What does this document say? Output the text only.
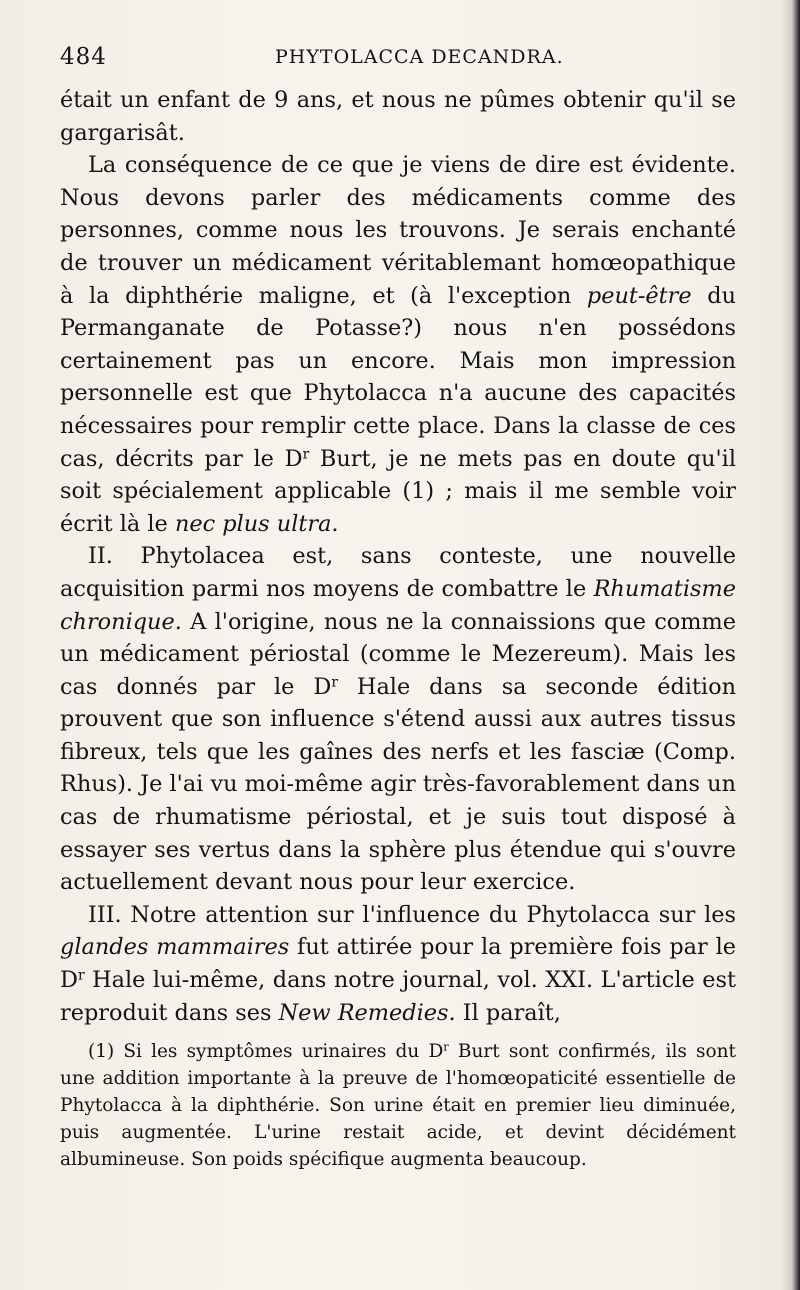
484	PHYTOLACCA DECANDRA.

était un enfant de 9 ans, et nous ne pûmes obtenir qu'il se gargarisât.

La conséquence de ce que je viens de dire est évidente. Nous devons parler des médicaments comme des personnes, comme nous les trouvons. Je serais enchanté de trouver un médicament véritablemant homœopathique à la diphthérie maligne, et (à l'exception peut-être du Permanganate de Potasse?) nous n'en possédons certainement pas un encore. Mais mon impression personnelle est que Phytolacca n'a aucune des capacités nécessaires pour remplir cette place. Dans la classe de ces cas, décrits par le $D^r$ Burt, je ne mets pas en doute qu'il soit spécialement applicable (1) ; mais il me semble voir écrit là le nec plus ultra.

II. Phytolacea est, sans conteste, une nouvelle acquisition parmi nos moyens de combattre le Rhumatisme chronique. A l'origine, nous ne la connaissions que comme un médicament périostal (comme le Mezereum). Mais les cas donnés par le $D^r$ Hale dans sa seconde édition prouvent que son influence s'étend aussi aux autres tissus fibreux, tels que les gaînes des nerfs et les fasciæ (Comp. Rhus). Je l'ai vu moi-même agir très-favorablement dans un cas de rhumatisme périostal, et je suis tout disposé à essayer ses vertus dans la sphère plus étendue qui s'ouvre actuellement devant nous pour leur exercice.

III. Notre attention sur l'influence du Phytolacca sur les glandes mammaires fut attirée pour la première fois par le $D^r$ Hale lui-même, dans notre journal, vol. XXI. L'article est reproduit dans ses New Remedies. Il paraît,

(1) Si les symptômes urinaires du $D^r$ Burt sont confirmés, ils sont une addition importante à la preuve de l'homœopaticité essentielle de Phytolacca à la diphthérie. Son urine était en premier lieu diminuée, puis augmentée. L'urine restait acide, et devint décidément albumineuse. Son poids spécifique augmenta beaucoup.
